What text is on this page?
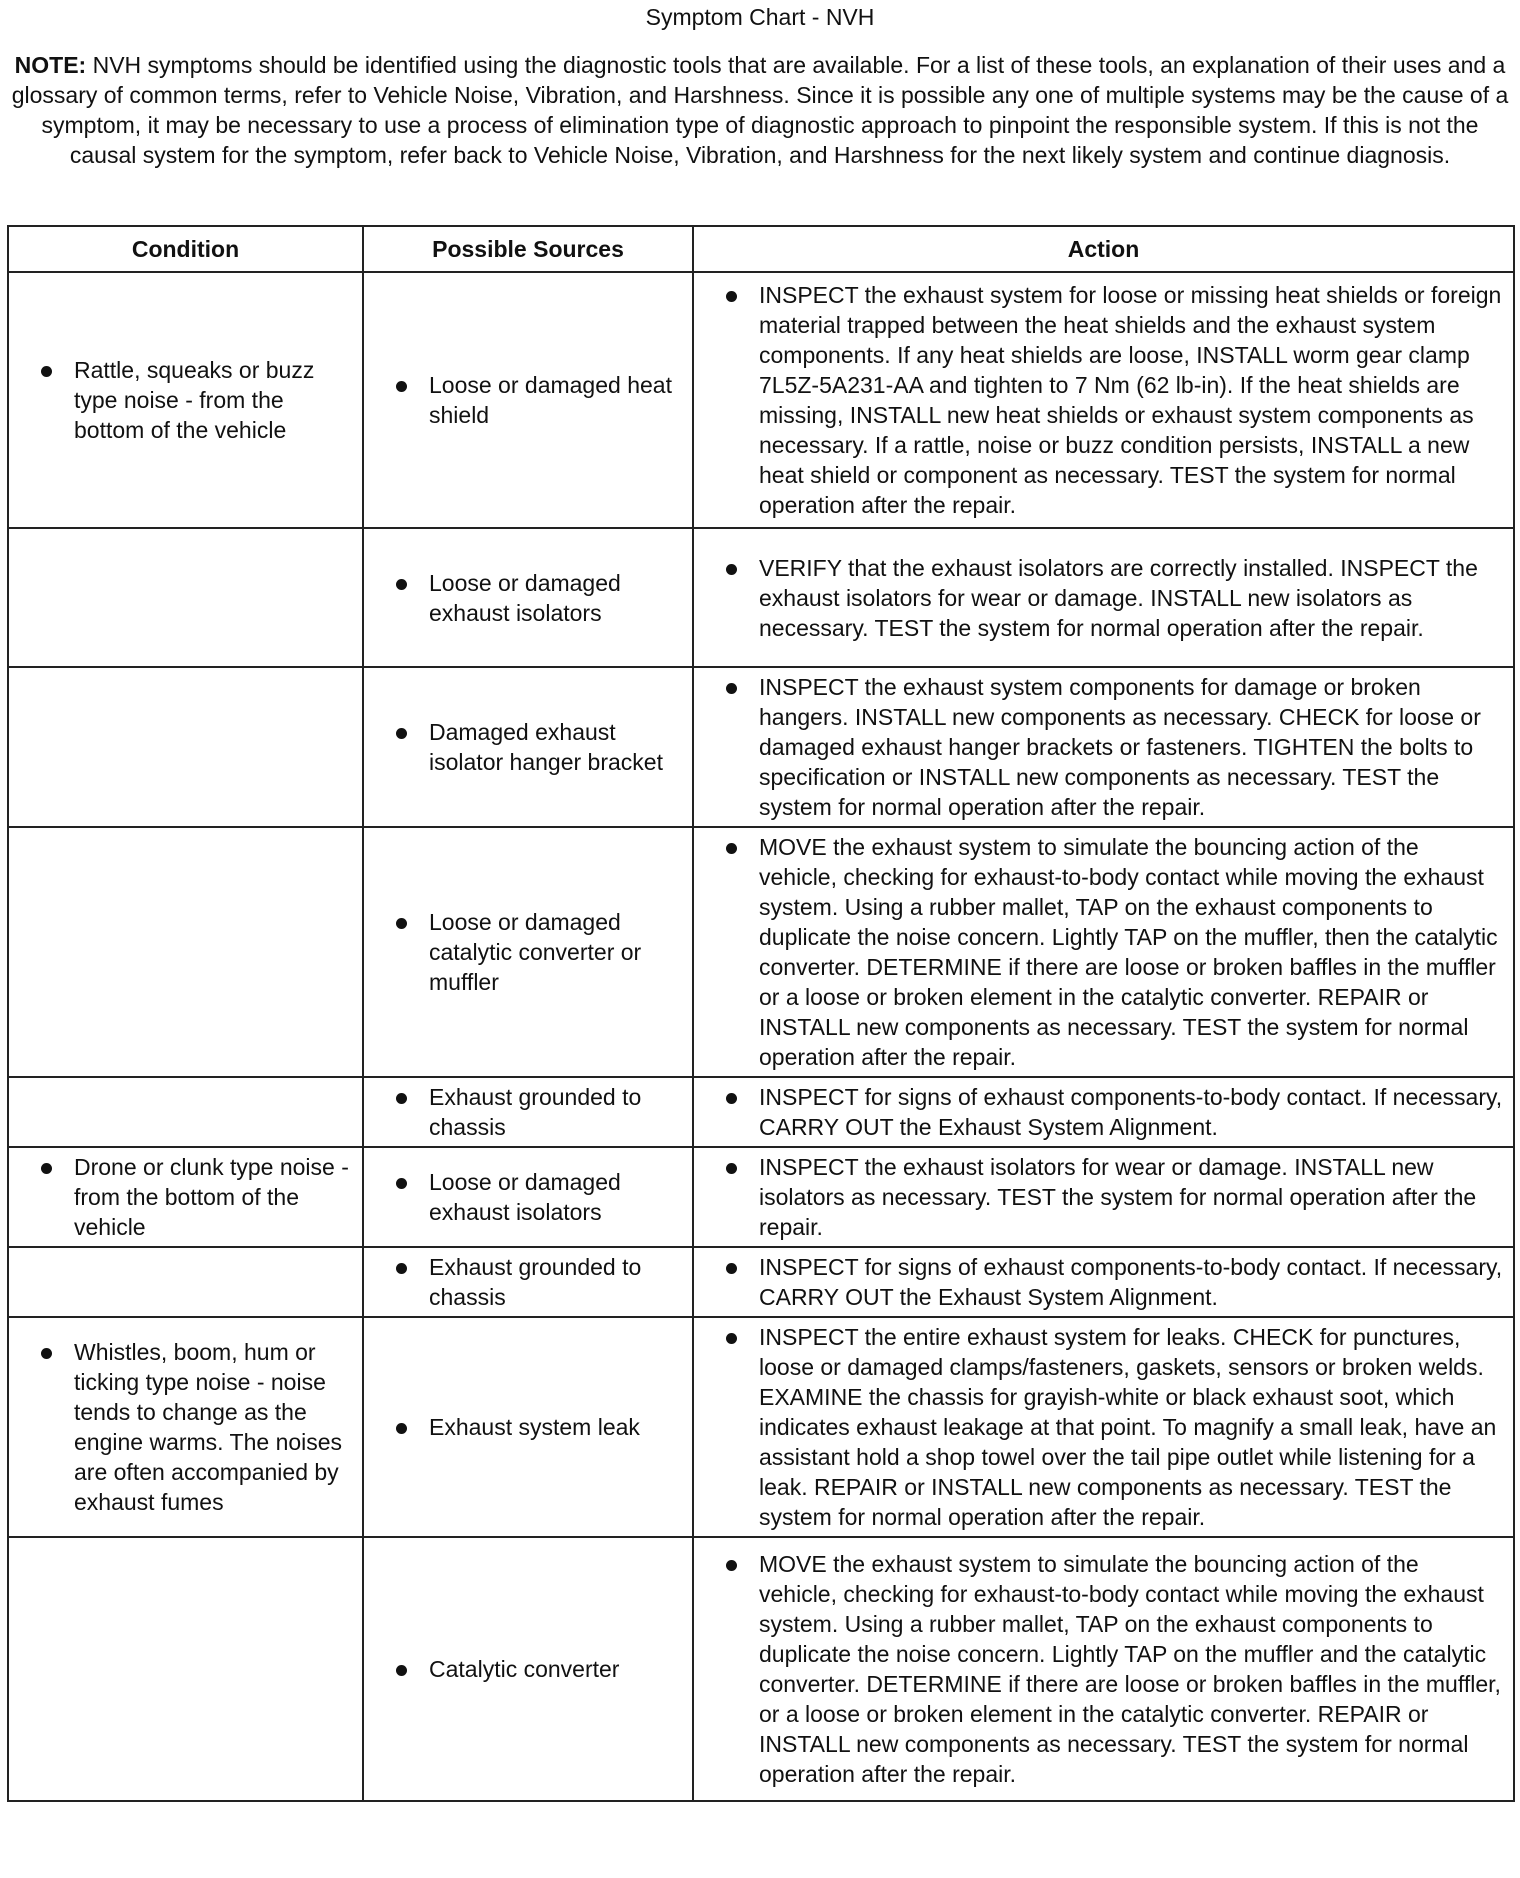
Symptom Chart - NVH
NOTE: NVH symptoms should be identified using the diagnostic tools that are available. For a list of these tools, an explanation of their uses and a glossary of common terms, refer to Vehicle Noise, Vibration, and Harshness. Since it is possible any one of multiple systems may be the cause of a symptom, it may be necessary to use a process of elimination type of diagnostic approach to pinpoint the responsible system. If this is not the causal system for the symptom, refer back to Vehicle Noise, Vibration, and Harshness for the next likely system and continue diagnosis.
Condition	Possible Sources	Action

Rattle, squeaks or buzz type noise - from the bottom of the vehicle	Loose or damaged heat shield	INSPECT the exhaust system for loose or missing heat shields or foreign material trapped between the heat shields and the exhaust system components. If any heat shields are loose, INSTALL worm gear clamp 7L5Z-5A231-AA and tighten to 7 Nm (62 lb-in). If the heat shields are missing, INSTALL new heat shields or exhaust system components as necessary. If a rattle, noise or buzz condition persists, INSTALL a new heat shield or component as necessary. TEST the system for normal operation after the repair.

	Loose or damaged exhaust isolators	VERIFY that the exhaust isolators are correctly installed. INSPECT the exhaust isolators for wear or damage. INSTALL new isolators as necessary. TEST the system for normal operation after the repair.

	Damaged exhaust isolator hanger bracket	INSPECT the exhaust system components for damage or broken hangers. INSTALL new components as necessary. CHECK for loose or damaged exhaust hanger brackets or fasteners. TIGHTEN the bolts to specification or INSTALL new components as necessary. TEST the system for normal operation after the repair.

	Loose or damaged catalytic converter or muffler	MOVE the exhaust system to simulate the bouncing action of the vehicle, checking for exhaust-to-body contact while moving the exhaust system. Using a rubber mallet, TAP on the exhaust components to duplicate the noise concern. Lightly TAP on the muffler, then the catalytic converter. DETERMINE if there are loose or broken baffles in the muffler or a loose or broken element in the catalytic converter. REPAIR or INSTALL new components as necessary. TEST the system for normal operation after the repair.

	Exhaust grounded to chassis	INSPECT for signs of exhaust components-to-body contact. If necessary, CARRY OUT the Exhaust System Alignment.

Drone or clunk type noise - from the bottom of the vehicle	Loose or damaged exhaust isolators	INSPECT the exhaust isolators for wear or damage. INSTALL new isolators as necessary. TEST the system for normal operation after the repair.

	Exhaust grounded to chassis	INSPECT for signs of exhaust components-to-body contact. If necessary, CARRY OUT the Exhaust System Alignment.

Whistles, boom, hum or ticking type noise - noise tends to change as the engine warms. The noises are often accompanied by exhaust fumes	Exhaust system leak	INSPECT the entire exhaust system for leaks. CHECK for punctures, loose or damaged clamps/fasteners, gaskets, sensors or broken welds. EXAMINE the chassis for grayish-white or black exhaust soot, which indicates exhaust leakage at that point. To magnify a small leak, have an assistant hold a shop towel over the tail pipe outlet while listening for a leak. REPAIR or INSTALL new components as necessary. TEST the system for normal operation after the repair.

	Catalytic converter	MOVE the exhaust system to simulate the bouncing action of the vehicle, checking for exhaust-to-body contact while moving the exhaust system. Using a rubber mallet, TAP on the exhaust components to duplicate the noise concern. Lightly TAP on the muffler and the catalytic converter. DETERMINE if there are loose or broken baffles in the muffler, or a loose or broken element in the catalytic converter. REPAIR or INSTALL new components as necessary. TEST the system for normal operation after the repair.
